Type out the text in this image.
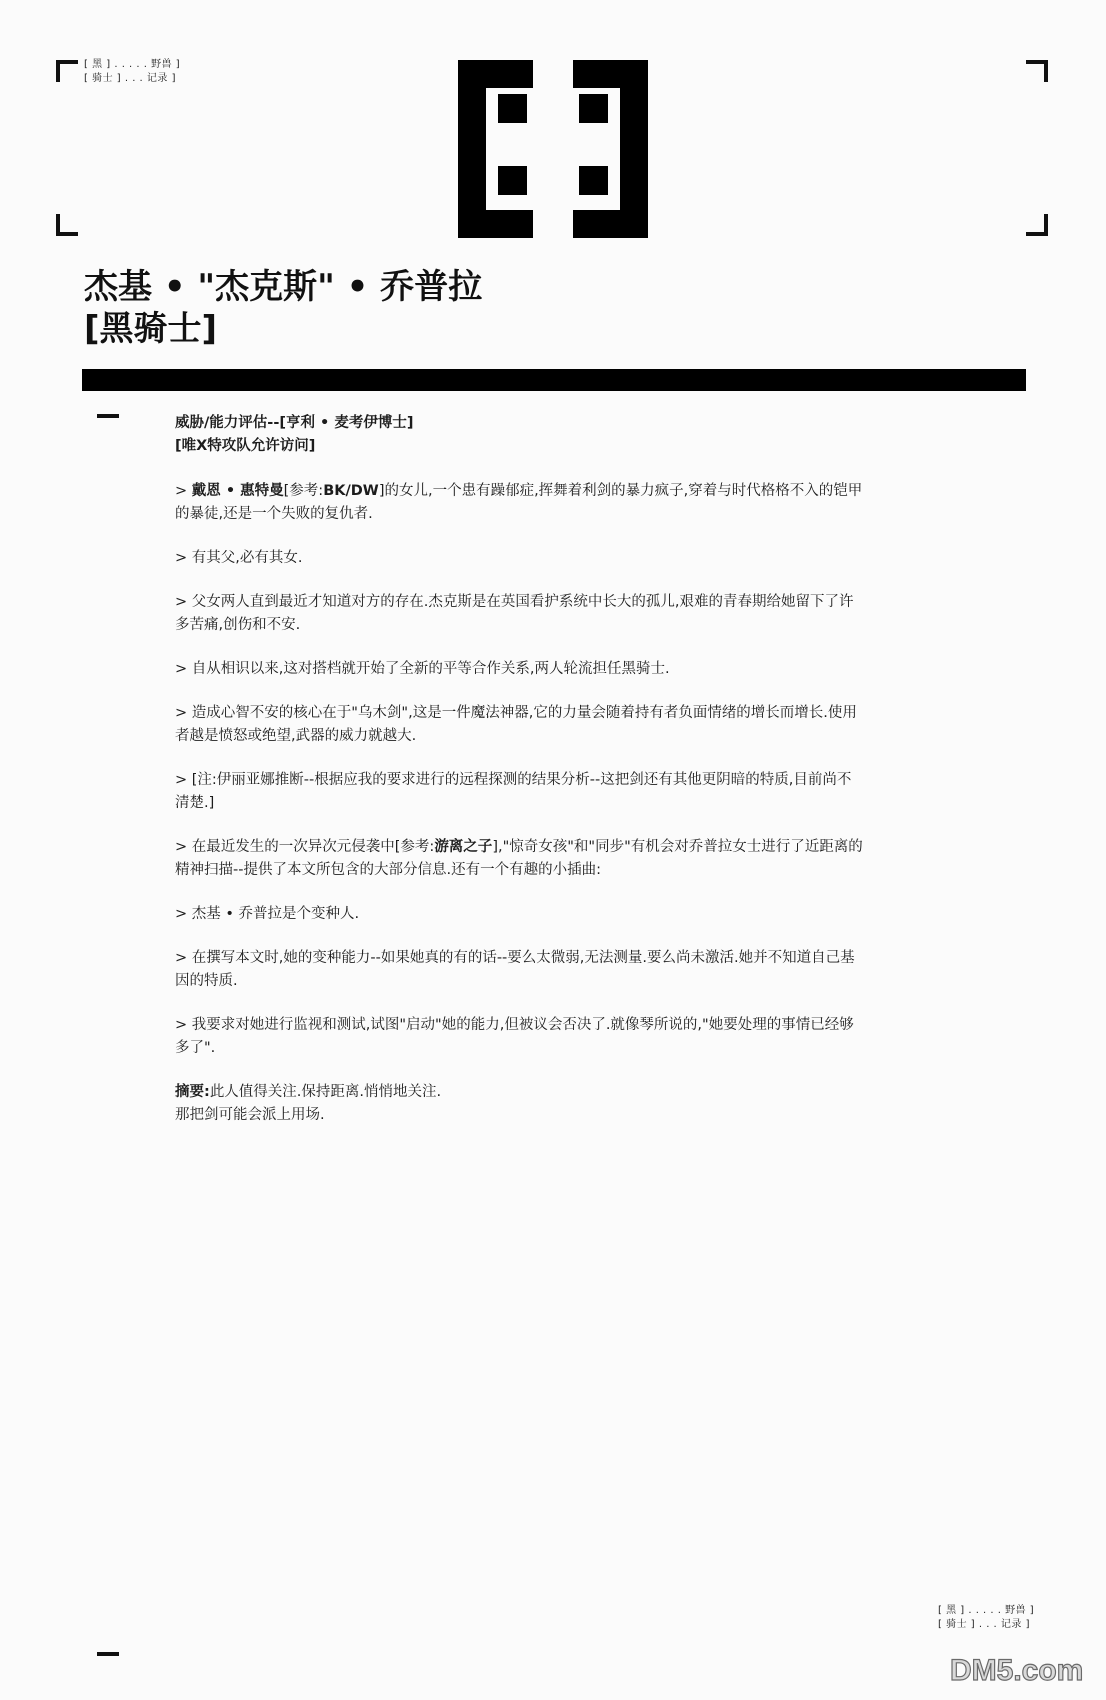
[ 黑 ] . . . . . 野兽 ]
[ 骑士 ] . . . 记录 ]
杰基 • "杰克斯" • 乔普拉
[黑骑士]
威胁/能力评估--[亨利 • 麦考伊博士]
[唯X特攻队允许访问]

> 戴恩 • 惠特曼[参考:BK/DW]的女儿,一个患有躁郁症,挥舞着利剑的暴力疯子,穿着与时代格格不入的铠甲的暴徒,还是一个失败的复仇者.

> 有其父,必有其女.

> 父女两人直到最近才知道对方的存在.杰克斯是在英国看护系统中长大的孤儿,艰难的青春期给她留下了许多苦痛,创伤和不安.

> 自从相识以来,这对搭档就开始了全新的平等合作关系,两人轮流担任黑骑士.

> 造成心智不安的核心在于"乌木剑",这是一件魔法神器,它的力量会随着持有者负面情绪的增长而增长.使用者越是愤怒或绝望,武器的威力就越大.

> [注:伊丽亚娜推断--根据应我的要求进行的远程探测的结果分析--这把剑还有其他更阴暗的特质,目前尚不清楚.]

> 在最近发生的一次异次元侵袭中[参考:游离之子],"惊奇女孩"和"同步"有机会对乔普拉女士进行了近距离的精神扫描--提供了本文所包含的大部分信息.还有一个有趣的小插曲:

> 杰基 • 乔普拉是个变种人.

> 在撰写本文时,她的变种能力--如果她真的有的话--要么太微弱,无法测量.要么尚未激活.她并不知道自己基因的特质.

> 我要求对她进行监视和测试,试图"启动"她的能力,但被议会否决了.就像琴所说的,"她要处理的事情已经够多了".

摘要:此人值得关注.保持距离.悄悄地关注.
那把剑可能会派上用场.
[ 黑 ] . . . . . 野兽 ]
[ 骑士 ] . . . 记录 ]
DM5.com
